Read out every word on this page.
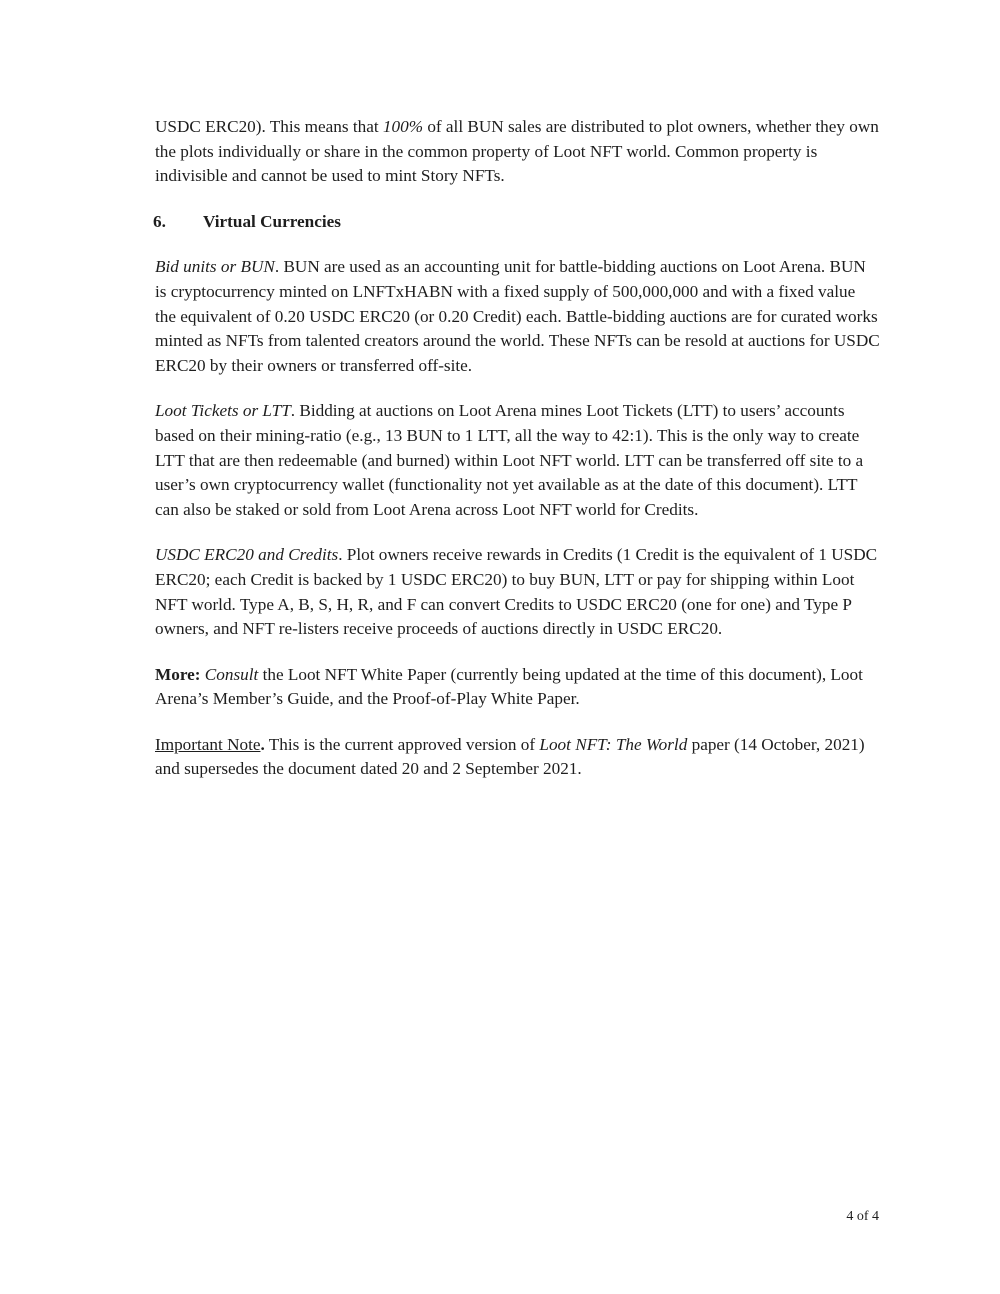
USDC ERC20). This means that 100% of all BUN sales are distributed to plot owners, whether they own the plots individually or share in the common property of Loot NFT world. Common property is indivisible and cannot be used to mint Story NFTs.

6. Virtual Currencies

Bid units or BUN. BUN are used as an accounting unit for battle-bidding auctions on Loot Arena. BUN is cryptocurrency minted on LNFTxHABN with a fixed supply of 500,000,000 and with a fixed value the equivalent of 0.20 USDC ERC20 (or 0.20 Credit) each. Battle-bidding auctions are for curated works minted as NFTs from talented creators around the world. These NFTs can be resold at auctions for USDC ERC20 by their owners or transferred off-site.

Loot Tickets or LTT. Bidding at auctions on Loot Arena mines Loot Tickets (LTT) to users’ accounts based on their mining-ratio (e.g., 13 BUN to 1 LTT, all the way to 42:1). This is the only way to create LTT that are then redeemable (and burned) within Loot NFT world. LTT can be transferred off site to a user’s own cryptocurrency wallet (functionality not yet available as at the date of this document). LTT can also be staked or sold from Loot Arena across Loot NFT world for Credits.

USDC ERC20 and Credits. Plot owners receive rewards in Credits (1 Credit is the equivalent of 1 USDC ERC20; each Credit is backed by 1 USDC ERC20) to buy BUN, LTT or pay for shipping within Loot NFT world. Type A, B, S, H, R, and F can convert Credits to USDC ERC20 (one for one) and Type P owners, and NFT re-listers receive proceeds of auctions directly in USDC ERC20.

More: Consult the Loot NFT White Paper (currently being updated at the time of this document), Loot Arena’s Member’s Guide, and the Proof-of-Play White Paper.

Important Note. This is the current approved version of Loot NFT: The World paper (14 October, 2021) and supersedes the document dated 20 and 2 September 2021.

4 of 4
